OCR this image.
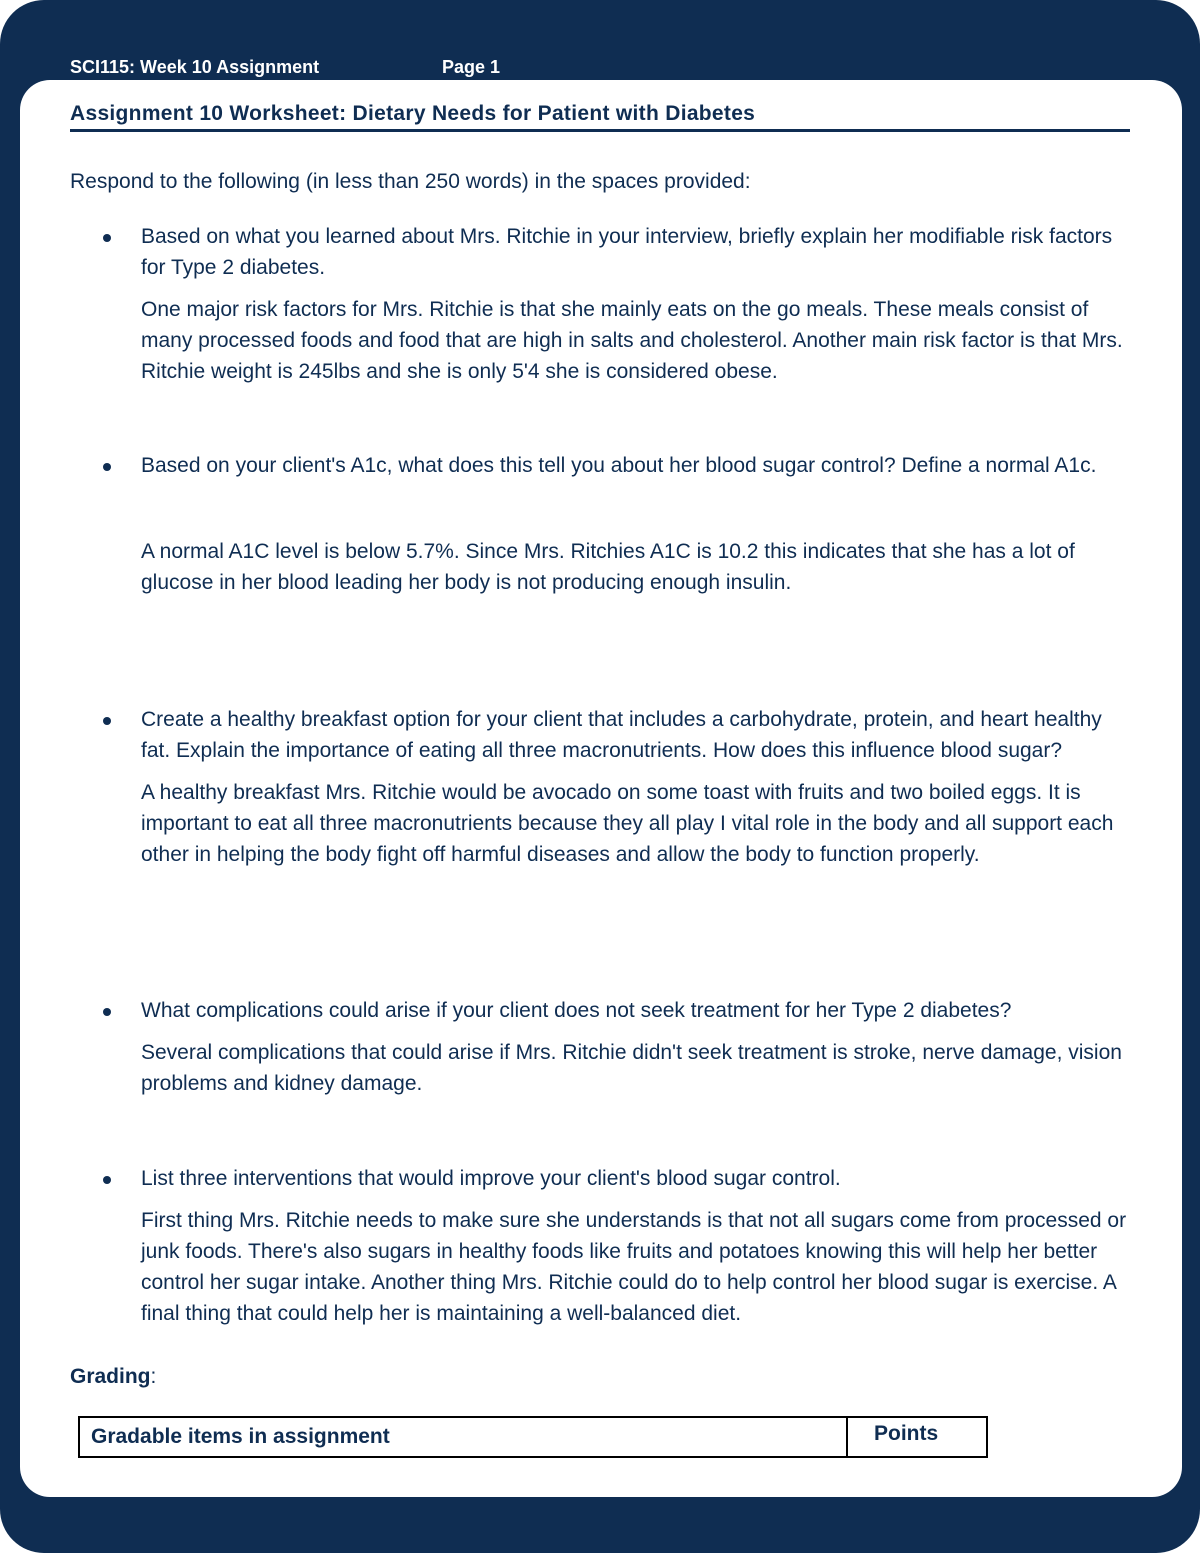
SCI115: Week 10 Assignment	Page 1
Assignment 10 Worksheet: Dietary Needs for Patient with Diabetes
Respond to the following (in less than 250 words) in the spaces provided:
Based on what you learned about Mrs. Ritchie in your interview, briefly explain her modifiable risk factors for Type 2 diabetes.
One major risk factors for Mrs. Ritchie is that she mainly eats on the go meals. These meals consist of many processed foods and food that are high in salts and cholesterol. Another main risk factor is that Mrs. Ritchie weight is 245lbs and she is only 5'4 she is considered obese.
Based on your client's A1c, what does this tell you about her blood sugar control? Define a normal A1c.
A normal A1C level is below 5.7%. Since Mrs. Ritchies A1C is 10.2 this indicates that she has a lot of glucose in her blood leading her body is not producing enough insulin.
Create a healthy breakfast option for your client that includes a carbohydrate, protein, and heart healthy fat. Explain the importance of eating all three macronutrients. How does this influence blood sugar?
A healthy breakfast Mrs. Ritchie would be avocado on some toast with fruits and two boiled eggs. It is important to eat all three macronutrients because they all play I vital role in the body and all support each other in helping the body fight off harmful diseases and allow the body to function properly.
What complications could arise if your client does not seek treatment for her Type 2 diabetes?
Several complications that could arise if Mrs. Ritchie didn't seek treatment is stroke, nerve damage, vision problems and kidney damage.
List three interventions that would improve your client's blood sugar control.
First thing Mrs. Ritchie needs to make sure she understands is that not all sugars come from processed or junk foods. There's also sugars in healthy foods like fruits and potatoes knowing this will help her better control her sugar intake. Another thing Mrs. Ritchie could do to help control her blood sugar is exercise. A final thing that could help her is maintaining a well-balanced diet.
Grading:
Gradable items in assignment	Points
